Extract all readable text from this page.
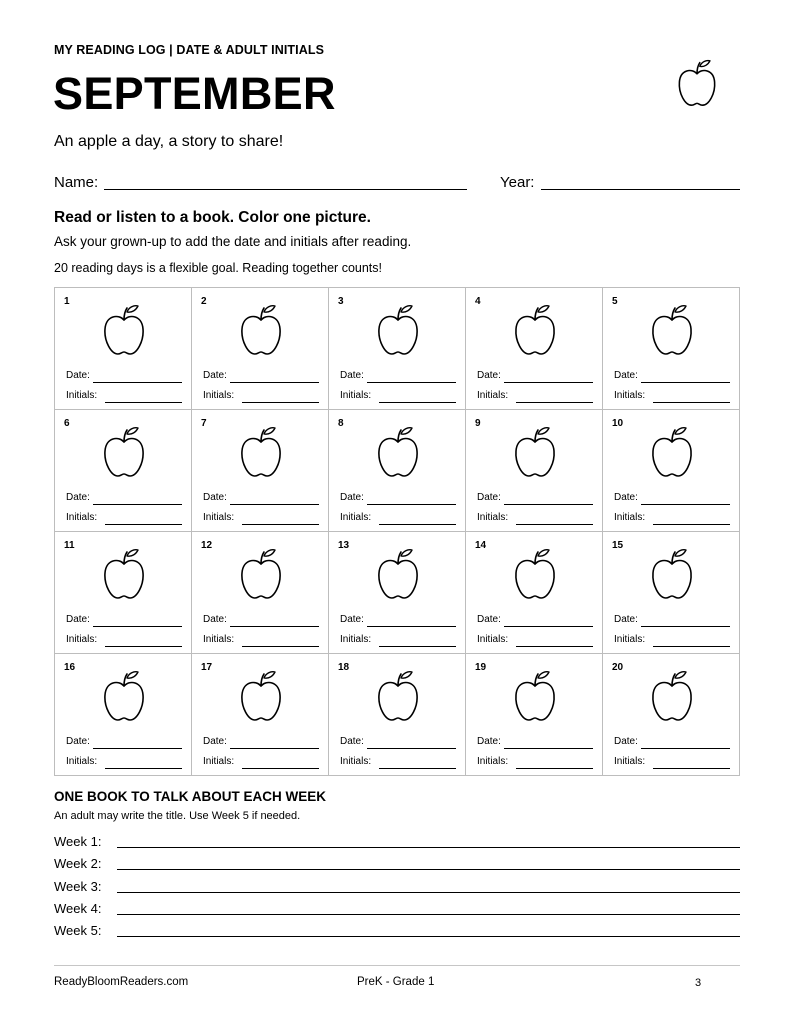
MY READING LOG | DATE & ADULT INITIALS
SEPTEMBER
An apple a day, a story to share!
Name:	Year:
Read or listen to a book. Color one picture.
Ask your grown-up to add the date and initials after reading.
20 reading days is a flexible goal. Reading together counts!
1
Date:
Initials:
2
Date:
Initials:
3
Date:
Initials:
4
Date:
Initials:
5
Date:
Initials:
6
Date:
Initials:
7
Date:
Initials:
8
Date:
Initials:
9
Date:
Initials:
10
Date:
Initials:
11
Date:
Initials:
12
Date:
Initials:
13
Date:
Initials:
14
Date:
Initials:
15
Date:
Initials:
16
Date:
Initials:
17
Date:
Initials:
18
Date:
Initials:
19
Date:
Initials:
20
Date:
Initials:
ONE BOOK TO TALK ABOUT EACH WEEK
An adult may write the title. Use Week 5 if needed.
Week 1:
Week 2:
Week 3:
Week 4:
Week 5:
ReadyBloomReaders.com	PreK - Grade 1	3
